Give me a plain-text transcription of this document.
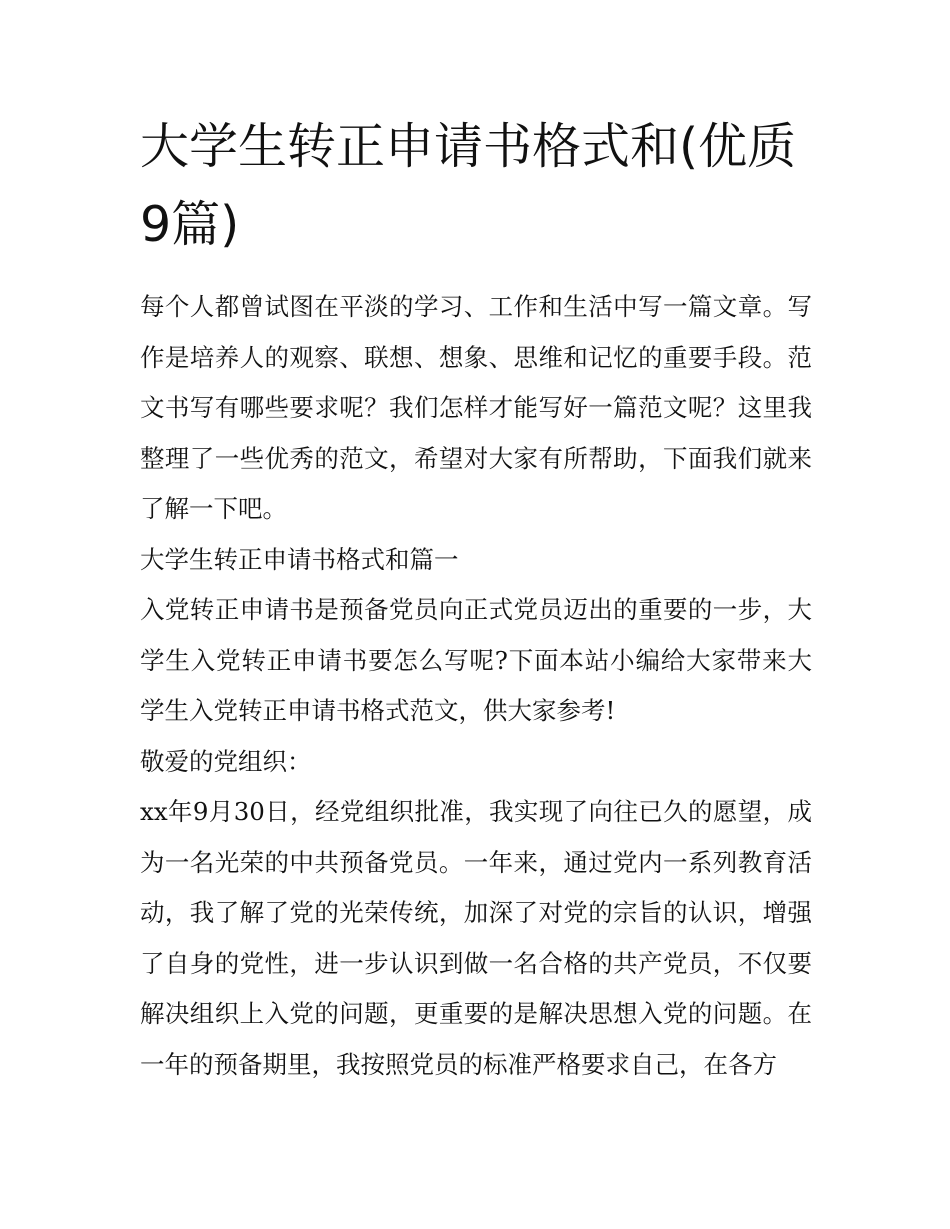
大学生转正申请书格式和(优质9篇)

每个人都曾试图在平淡的学习、工作和生活中写一篇文章。写作是培养人的观察、联想、想象、思维和记忆的重要手段。范文书写有哪些要求呢？我们怎样才能写好一篇范文呢？这里我整理了一些优秀的范文，希望对大家有所帮助，下面我们就来了解一下吧。

大学生转正申请书格式和篇一

入党转正申请书是预备党员向正式党员迈出的重要的一步，大学生入党转正申请书要怎么写呢?下面本站小编给大家带来大学生入党转正申请书格式范文，供大家参考!

敬爱的党组织：

xx年9月30日，经党组织批准，我实现了向往已久的愿望，成为一名光荣的中共预备党员。一年来，通过党内一系列教育活动，我了解了党的光荣传统，加深了对党的宗旨的认识，增强了自身的党性，进一步认识到做一名合格的共产党员，不仅要解决组织上入党的问题，更重要的是解决思想入党的问题。在一年的预备期里，我按照党员的标准严格要求自己，在各方
